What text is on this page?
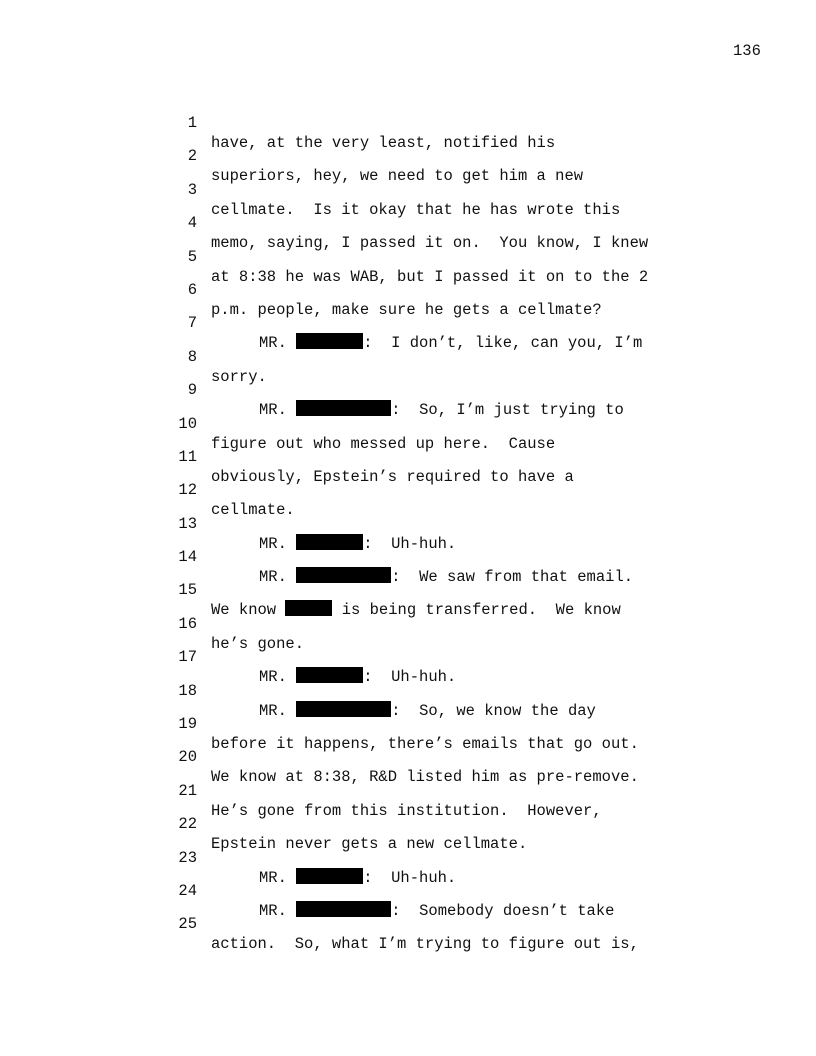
136

1

have, at the very least, notified his

2

superiors, hey, we need to get him a new

3

cellmate.  Is it okay that he has wrote this

4

memo, saying, I passed it on.  You know, I knew

5

at 8:38 he was WAB, but I passed it on to the 2

6

p.m. people, make sure he gets a cellmate?

7

MR.	:  I don’t, like, can you, I’m

8

sorry.

9

MR.	:  So, I’m just trying to

10

figure out who messed up here.  Cause

11

obviously, Epstein’s required to have a

12

cellmate.

13

MR.	:  Uh-huh.

14

MR.	:  We saw from that email.

15

We know	is being transferred.  We know

16

he’s gone.

17

MR.	:  Uh-huh.

18

MR.	:  So, we know the day

19

before it happens, there’s emails that go out.

20

We know at 8:38, R&D listed him as pre-remove.

21

He’s gone from this institution.  However,

22

Epstein never gets a new cellmate.

23

MR.	:  Uh-huh.

24

MR.	:  Somebody doesn’t take

25

action.  So, what I’m trying to figure out is,
